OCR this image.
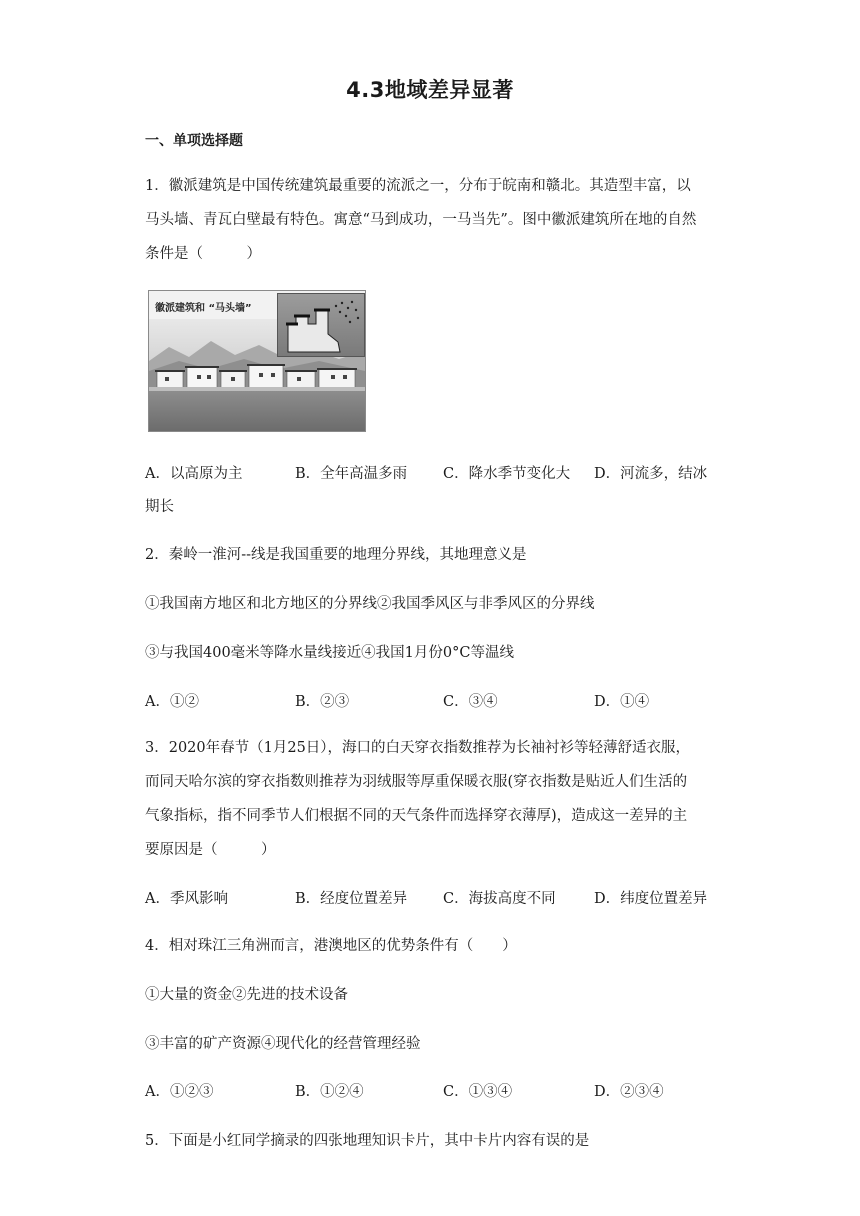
4.3地域差异显著
一、单项选择题
1．徽派建筑是中国传统建筑最重要的流派之一，分布于皖南和赣北。其造型丰富，以
马头墙、青瓦白壁最有特色。寓意“马到成功，一马当先”。图中徽派建筑所在地的自然
条件是（　　　）
徽派建筑和 “马头墙”
A．以高原为主	B．全年高温多雨 C．降水季节变化大 D．河流多，结冰
期长
2．秦岭一淮河--线是我国重要的地理分界线，其地理意义是
①我国南方地区和北方地区的分界线②我国季风区与非季风区的分界线
③与我国400毫米等降水量线接近④我国1月份0°C等温线
A．①②	B．②③	C．③④	D．①④
3．2020年春节（1月25日），海口的白天穿衣指数推荐为长袖衬衫等轻薄舒适衣服，
而同天哈尔滨的穿衣指数则推荐为羽绒服等厚重保暖衣服(穿衣指数是贴近人们生活的
气象指标，指不同季节人们根据不同的天气条件而选择穿衣薄厚)，造成这一差异的主
要原因是（　　　）
A．季风影响	B．经度位置差异 C．海拔高度不同	D．纬度位置差异
4．相对珠江三角洲而言，港澳地区的优势条件有（　　）
①大量的资金②先进的技术设备
③丰富的矿产资源④现代化的经营管理经验
A．①②③	B．①②④	C．①③④	D．②③④
5．下面是小红同学摘录的四张地理知识卡片，其中卡片内容有误的是
